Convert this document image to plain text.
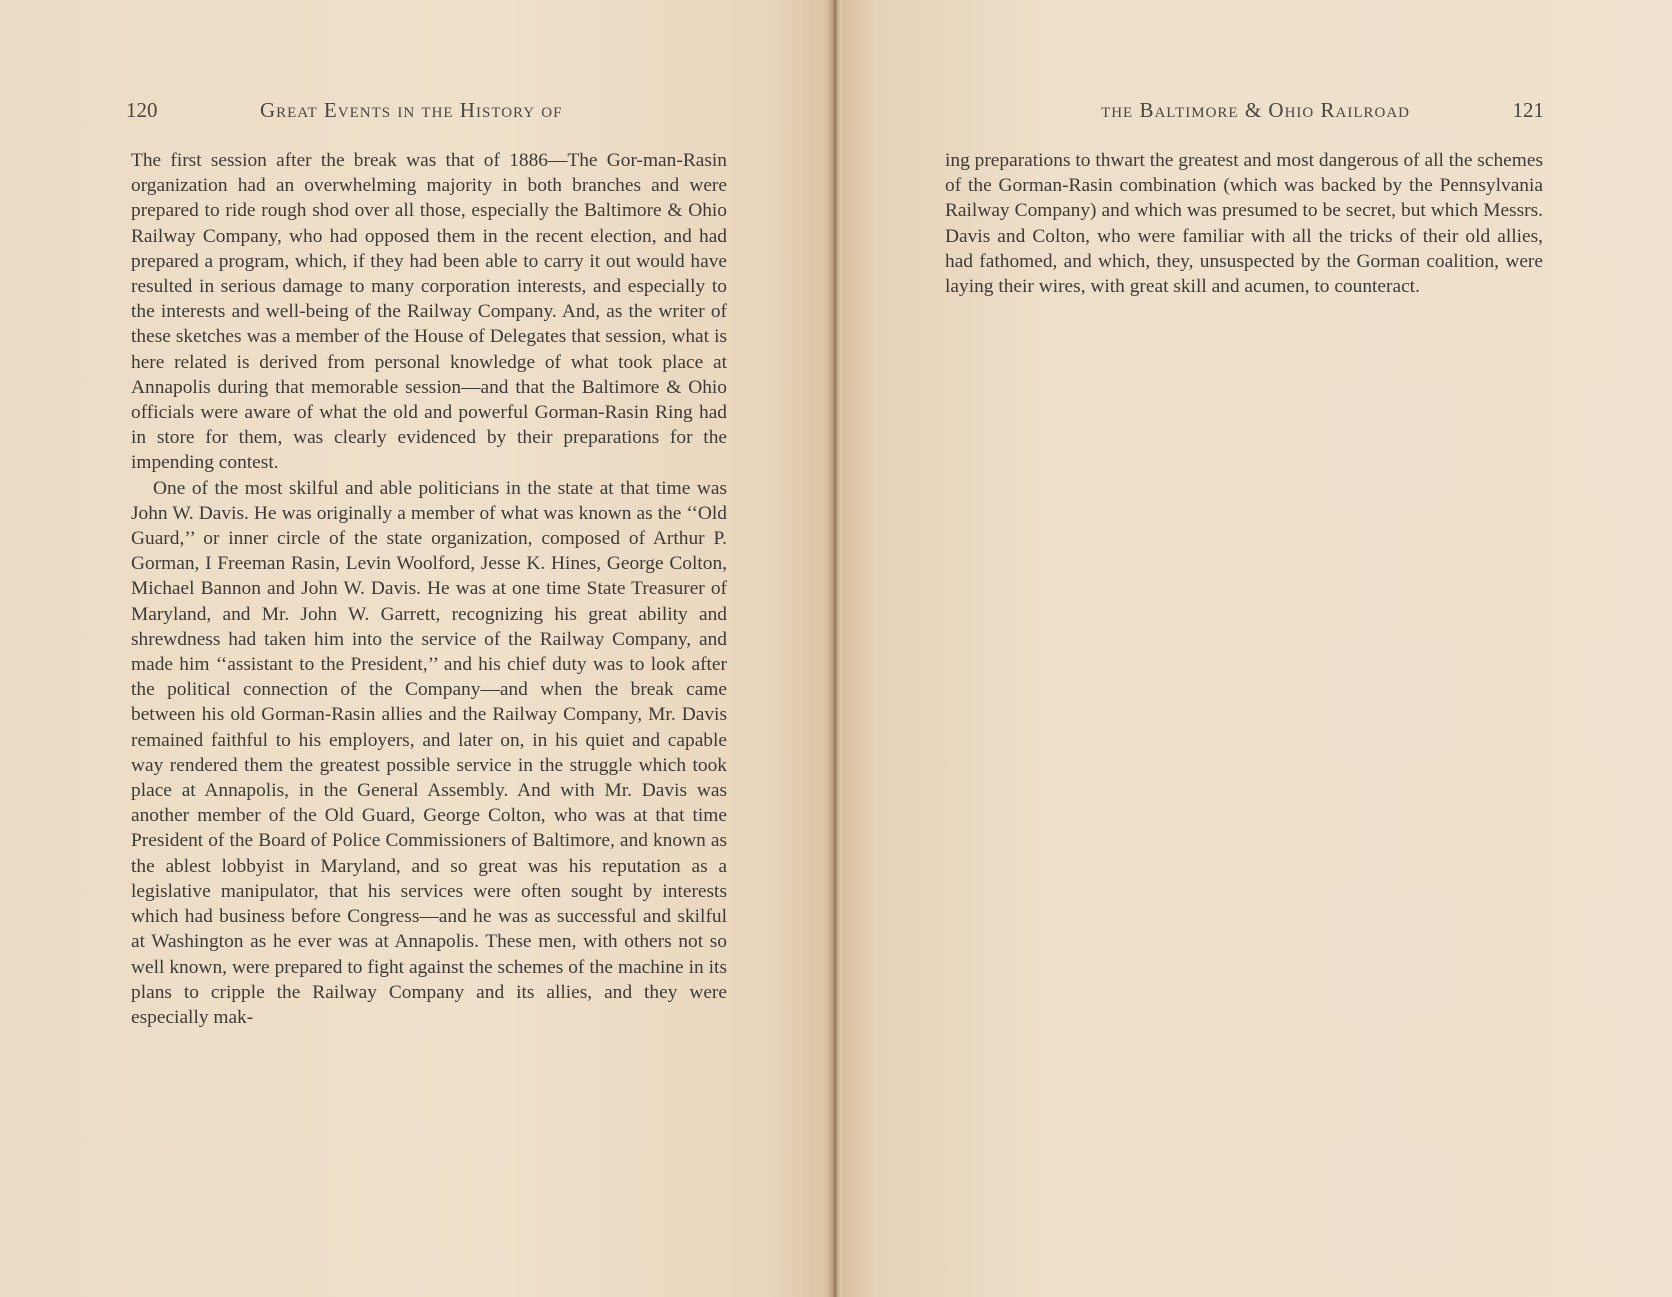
120	Great Events in the History of

The first session after the break was that of 1886—The Gor-man-Rasin organization had an overwhelming majority in both branches and were prepared to ride rough shod over all those, especially the Baltimore & Ohio Railway Company, who had opposed them in the recent election, and had prepared a program, which, if they had been able to carry it out would have resulted in serious damage to many corporation interests, and especially to the interests and well-being of the Railway Company. And, as the writer of these sketches was a member of the House of Delegates that session, what is here related is derived from personal knowledge of what took place at Annapolis during that memorable session—and that the Baltimore & Ohio officials were aware of what the old and powerful Gorman-Rasin Ring had in store for them, was clearly evidenced by their preparations for the impending contest.

One of the most skilful and able politicians in the state at that time was John W. Davis. He was originally a member of what was known as the ‘‘Old Guard,’’ or inner circle of the state organization, composed of Arthur P. Gorman, I Freeman Rasin, Levin Woolford, Jesse K. Hines, George Colton, Michael Bannon and John W. Davis. He was at one time State Treasurer of Maryland, and Mr. John W. Garrett, recognizing his great ability and shrewdness had taken him into the service of the Railway Company, and made him ‘‘assistant to the President,’’ and his chief duty was to look after the political connection of the Company—and when the break came between his old Gorman-Rasin allies and the Railway Company, Mr. Davis remained faithful to his employers, and later on, in his quiet and capable way rendered them the greatest possible service in the struggle which took place at Annapolis, in the General Assembly. And with Mr. Davis was another member of the Old Guard, George Colton, who was at that time President of the Board of Police Commissioners of Baltimore, and known as the ablest lobbyist in Maryland, and so great was his reputation as a legislative manipulator, that his services were often sought by interests which had business before Congress—and he was as successful and skilful at Washington as he ever was at Annapolis. These men, with others not so well known, were prepared to fight against the schemes of the machine in its plans to cripple the Railway Company and its allies, and they were especially mak-

the Baltimore & Ohio Railroad	121

ing preparations to thwart the greatest and most dangerous of all the schemes of the Gorman-Rasin combination (which was backed by the Pennsylvania Railway Company) and which was presumed to be secret, but which Messrs. Davis and Colton, who were familiar with all the tricks of their old allies, had fathomed, and which, they, unsuspected by the Gorman coalition, were laying their wires, with great skill and acumen, to counteract.
